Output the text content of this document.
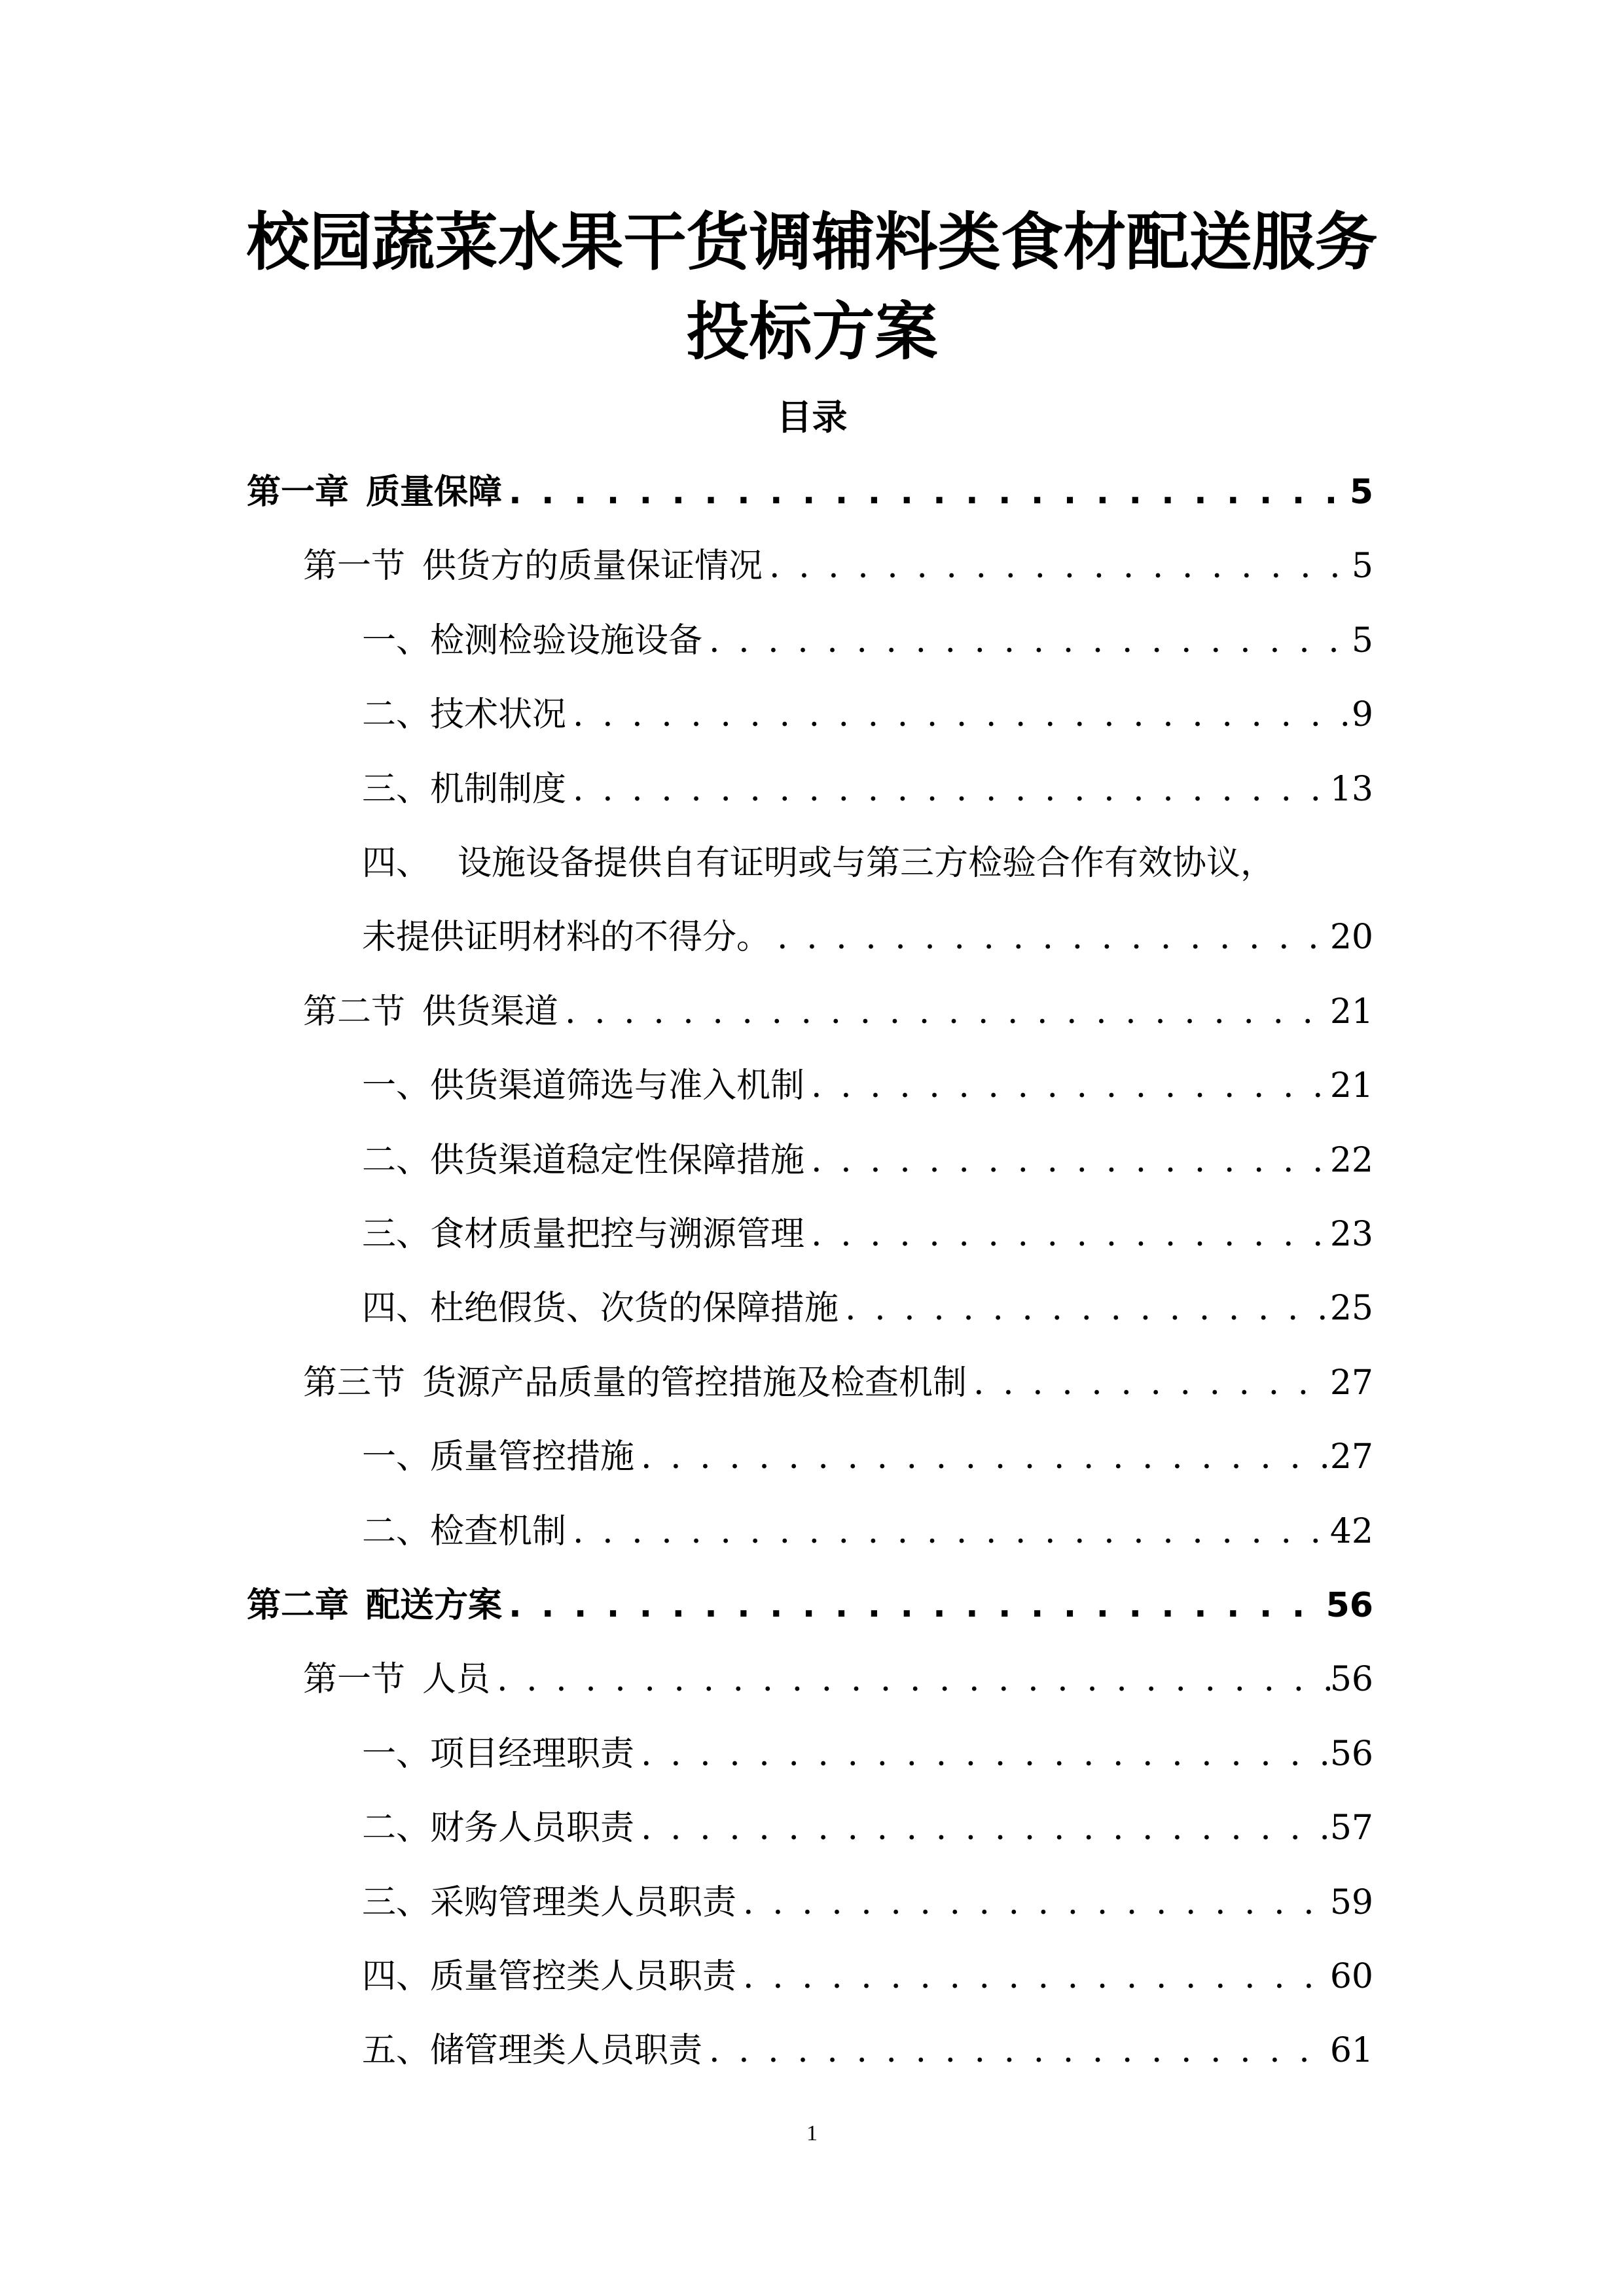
校园蔬菜水果干货调辅料类食材配送服务
投标方案
目录
第一章 质量保障 . . .	5
第一节 供货方的质量保证情况 . . .	5
一、 检测检验设施设备 . . .	5
二、 技术状况 . . .	9
三、 机制制度 . . .	13
四、 设施设备提供自有证明或与第三方检验合作有效协议，
未提供证明材料的不得分。 . . .	20
第二节 供货渠道 . . .	21
一、 供货渠道筛选与准入机制 . . .	21
二、 供货渠道稳定性保障措施 . . .	22
三、 食材质量把控与溯源管理 . . .	23
四、 杜绝假货、次货的保障措施 . . .	25
第三节 货源产品质量的管控措施及检查机制 . . .	27
一、 质量管控措施 . . .	27
二、 检查机制 . . .	42
第二章 配送方案 . . .	56
第一节 人员 . . .	56
一、 项目经理职责 . . .	56
二、 财务人员职责 . . .	57
三、 采购管理类人员职责 . . .	59
四、 质量管控类人员职责 . . .	60
五、 储管理类人员职责 . . .	61
1
